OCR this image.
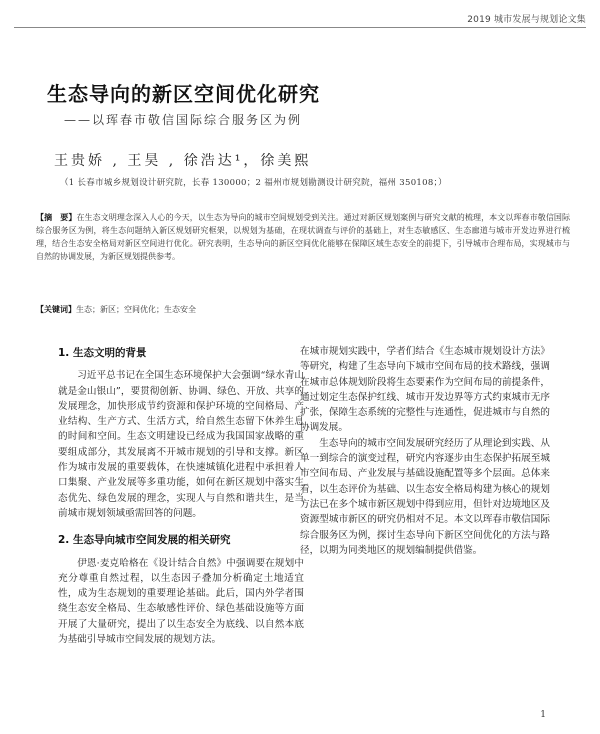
2019 城市发展与规划论文集
生态导向的新区空间优化研究
——以珲春市敬信国际综合服务区为例
王贵娇 , 王昊 , 徐浩达¹，徐美熙
（1 长春市城乡规划设计研究院，长春 130000；2 福州市规划勘测设计研究院，福州 350108；）
【摘　要】在生态文明理念深入人心的今天，以生态为导向的城市空间规划受到关注。通过对新区规划案例与研究文献的梳理，本文以珲春市敬信国际综合服务区为例，将生态问题纳入新区规划研究框架，以规划为基础，在现状调查与评价的基础上，对生态敏感区、生态廊道与城市开发边界进行梳理，结合生态安全格局对新区空间进行优化。研究表明，生态导向的新区空间优化能够在保障区域生态安全的前提下，引导城市合理布局，实现城市与自然的协调发展，为新区规划提供参考。
【关键词】生态；新区；空间优化；生态安全
1. 生态文明的背景

习近平总书记在全国生态环境保护大会强调“绿水青山就是金山银山”，要贯彻创新、协调、绿色、开放、共享的发展理念，加快形成节约资源和保护环境的空间格局、产业结构、生产方式、生活方式，给自然生态留下休养生息的时间和空间。生态文明建设已经成为我国国家战略的重要组成部分，其发展离不开城市规划的引导和支撑。新区作为城市发展的重要载体，在快速城镇化进程中承担着人口集聚、产业发展等多重功能，如何在新区规划中落实生态优先、绿色发展的理念，实现人与自然和谐共生，是当前城市规划领域亟需回答的问题。

2. 生态导向城市空间发展的相关研究

伊恩·麦克哈格在《设计结合自然》中强调要在规划中充分尊重自然过程，以生态因子叠加分析确定土地适宜性，成为生态规划的重要理论基础。此后，国内外学者围绕生态安全格局、生态敏感性评价、绿色基础设施等方面开展了大量研究，提出了以生态安全为底线、以自然本底为基础引导城市空间发展的规划方法。

在城市规划实践中，学者们结合《生态城市规划设计方法》等研究，构建了生态导向下城市空间布局的技术路线，强调在城市总体规划阶段将生态要素作为空间布局的前提条件，通过划定生态保护红线、城市开发边界等方式约束城市无序扩张，保障生态系统的完整性与连通性，促进城市与自然的协调发展。

生态导向的城市空间发展研究经历了从理论到实践、从单一到综合的演变过程，研究内容逐步由生态保护拓展至城市空间布局、产业发展与基础设施配置等多个层面。总体来看，以生态评价为基础、以生态安全格局构建为核心的规划方法已在多个城市新区规划中得到应用，但针对边境地区及资源型城市新区的研究仍相对不足。本文以珲春市敬信国际综合服务区为例，探讨生态导向下新区空间优化的方法与路径，以期为同类地区的规划编制提供借鉴。

1
